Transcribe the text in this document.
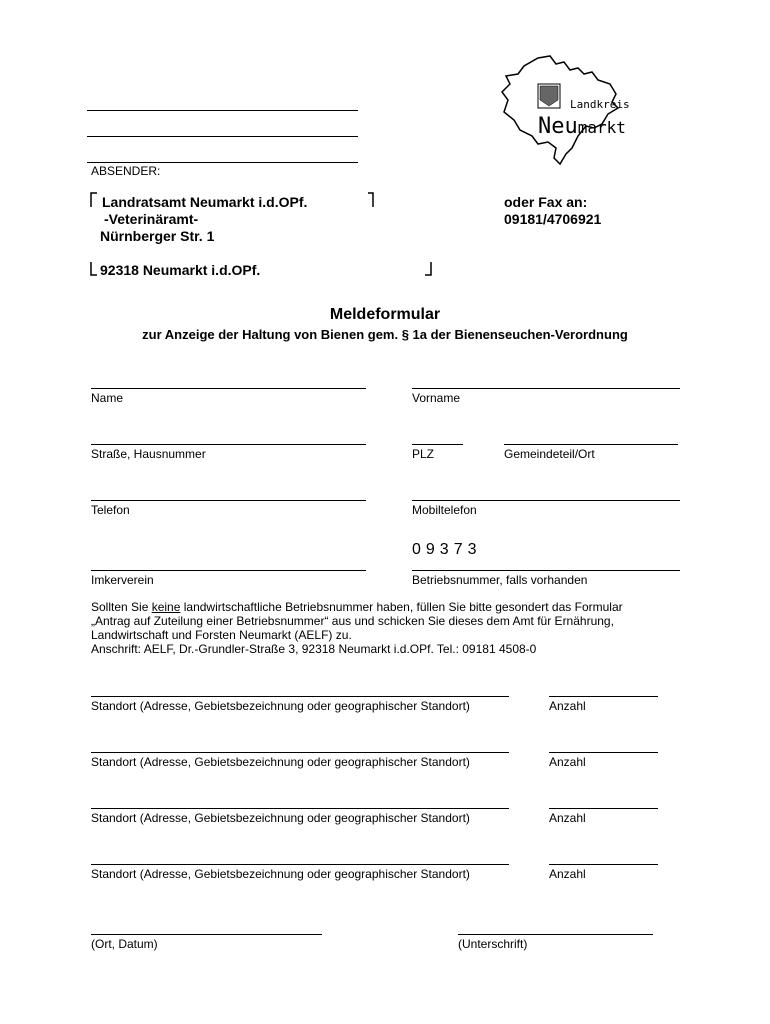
Landkreis
Neumarkt
ABSENDER:
Landratsamt Neumarkt i.d.OPf.
-Veterinäramt-
Nürnberger Str. 1
92318 Neumarkt i.d.OPf.
oder Fax an:
09181/4706921
Meldeformular
zur Anzeige der Haltung von Bienen gem. § 1a der Bienenseuchen-Verordnung
Name	Vorname
Straße, Hausnummer	PLZ	Gemeindeteil/Ort
Telefon	Mobiltelefon
09373
Imkerverein	Betriebsnummer, falls vorhanden
Sollten Sie keine landwirtschaftliche Betriebsnummer haben, füllen Sie bitte gesondert das Formular
„Antrag auf Zuteilung einer Betriebsnummer“ aus und schicken Sie dieses dem Amt für Ernährung,
Landwirtschaft und Forsten Neumarkt (AELF) zu.
Anschrift: AELF, Dr.-Grundler-Straße 3, 92318 Neumarkt i.d.OPf. Tel.: 09181 4508-0
Standort (Adresse, Gebietsbezeichnung oder geographischer Standort)	Anzahl
Standort (Adresse, Gebietsbezeichnung oder geographischer Standort)	Anzahl
Standort (Adresse, Gebietsbezeichnung oder geographischer Standort)	Anzahl
Standort (Adresse, Gebietsbezeichnung oder geographischer Standort)	Anzahl
(Ort, Datum)	(Unterschrift)
